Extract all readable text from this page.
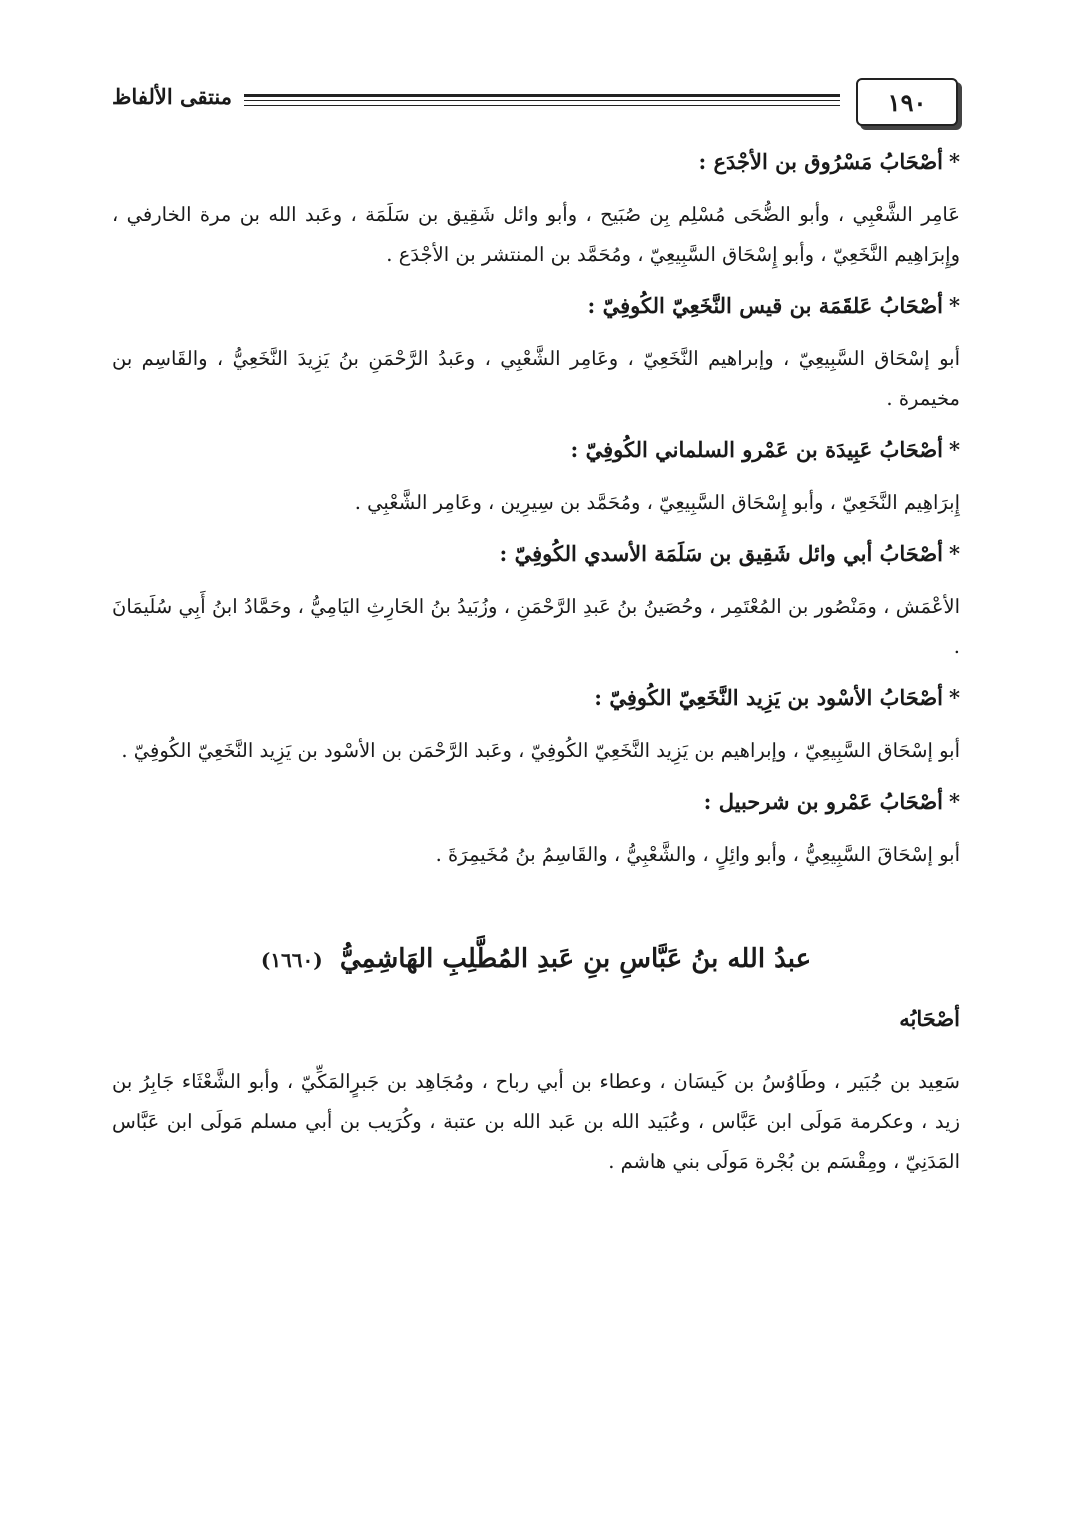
١٩٠
منتقى الألفاظ
*أصْحَابُ مَسْرُوق بن الأجْدَع :
عَامِر الشَّعْبِي ، وأبو الضُّحَى مُسْلِم بِن صُبَيح ، وأبو وائل شَقِيق بن سَلَمَة ، وعَبد الله بن مرة الخارفي ، وإِبرَاهِيم النَّخَعِيّ ، وأبو إِسْحَاق السَّبِيعِيّ ، ومُحَمَّد بن المنتشر بن الأجْدَع .
*أصْحَابُ عَلقَمَة بن قيس النَّخَعِيّ الكُوفِيّ :
أبو إسْحَاق السَّبِيعِيّ ، وإبراهيم النَّخَعِيّ ، وعَامِر الشَّعْبِي ، وعَبدُ الرَّحْمَنِ بنُ يَزِيدَ النَّخَعِيُّ ، والقَاسِم بن مخيمرة .
*أصْحَابُ عَبِيدَة بن عَمْرو السلماني الكُوفِيّ :
إِبرَاهِيم النَّخَعِيّ ، وأبو إِسْحَاق السَّبِيعِيّ ، ومُحَمَّد بن سِيرِين ، وعَامِر الشَّعْبِي .
*أصْحَابُ أبي وائل شَقِيق بن سَلَمَة الأسدي الكُوفِيّ :
الأعْمَش ، ومَنْصُور بن المُعْتَمِر ، وحُصَينُ بنُ عَبدِ الرَّحْمَنِ ، وزُبَيدُ بنُ الحَارِثِ اليَامِيُّ ، وحَمَّادُ ابنُ أَبِي سُلَيمَانَ .
*أصْحَابُ الأسْود بن يَزِيد النَّخَعِيّ الكُوفِيّ :
أبو إسْحَاق السَّبِيعِيّ ، وإبراهيم بن يَزِيد النَّخَعِيّ الكُوفِيّ ، وعَبد الرَّحْمَن بن الأسْود بن يَزِيد النَّخَعِيّ الكُوفِيّ .
*أصْحَابُ عَمْرو بن شرحبيل :
أبو إسْحَاقَ السَّبِيعِيُّ ، وأبو وائِلٍ ، والشَّعْبِيُّ ، والقَاسِمُ بنُ مُخَيمِرَةَ .
عبدُ الله بنُ عَبَّاسِ بنِ عَبدِ المُطَّلِبِ الهَاشِمِيُّ (١٦٦٠)
أصْحَابُه
سَعِيد بن جُبَير ، وطَاوُسُ بن كَيسَان ، وعطاء بن أبي رباح ، ومُجَاهِد بن جَبرٍالمَكِّيّ ، وأبو الشَّعْثَاء جَابِرُ بن زيد ، وعكرمة مَولَى ابن عَبَّاس ، وعُبَيد الله بن عَبد الله بن عتبة ، وكُرَيب بن أبي مسلم مَولَى ابن عَبَّاس المَدَنِيّ ، ومِقْسَم بن بُجْرة مَولَى بني هاشم .
